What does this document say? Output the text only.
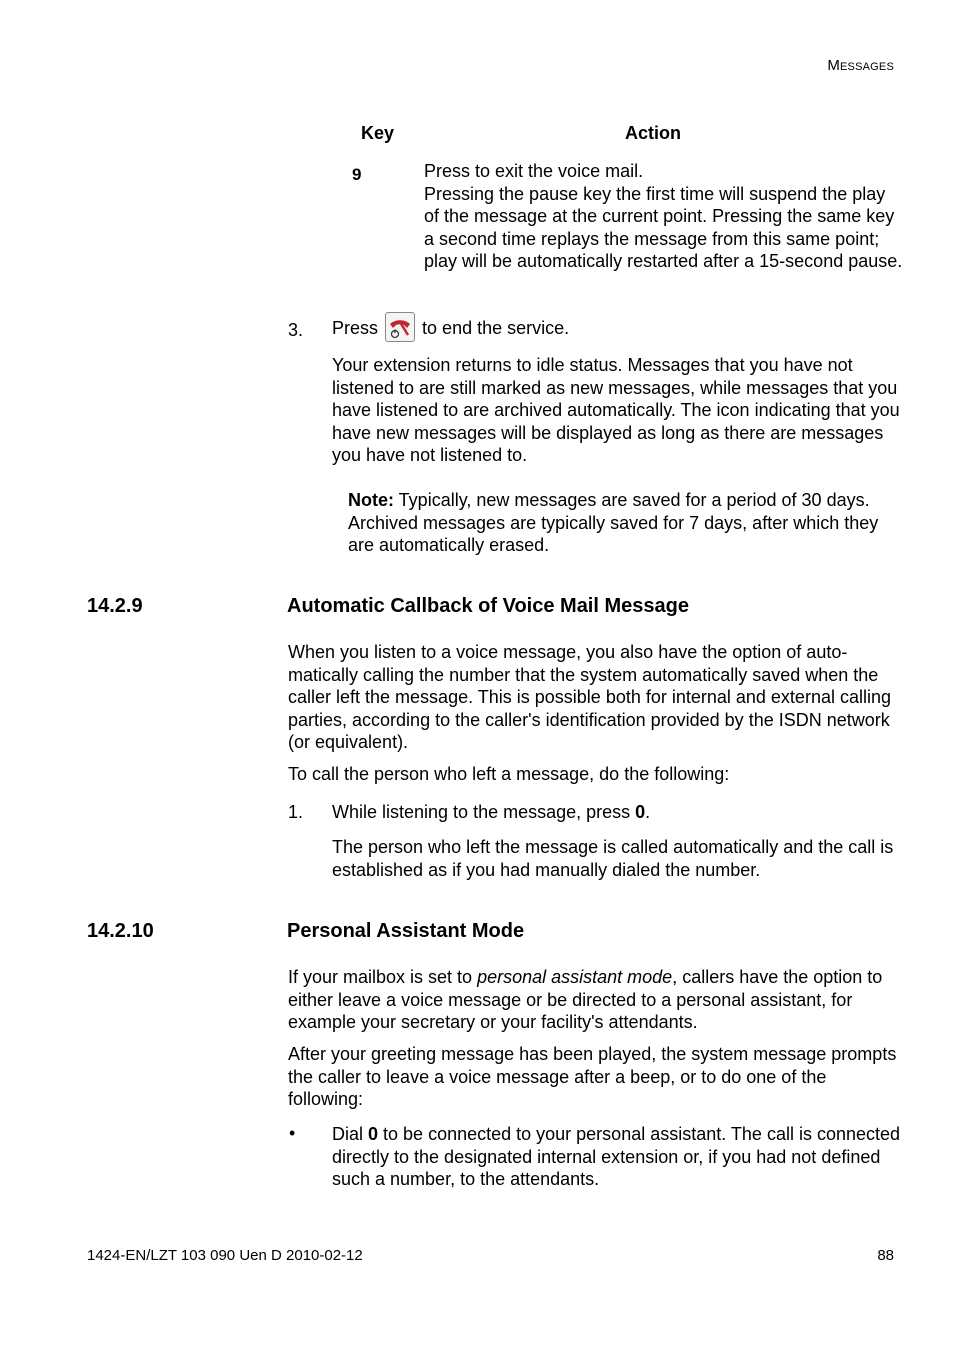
Messages
Key	Action
9	Press to exit the voice mail.

Pressing the pause key the first time will suspend the play of the message at the current point. Pressing the same key a second time replays the message from this same point; play will be automatically restarted after a 15-second pause.

3. Press to end the service.
Your extension returns to idle status. Messages that you have not listened to are still marked as new messages, while messages that you have listened to are archived automatically. The icon indicating that you have new messages will be displayed as long as there are messages you have not listened to.
Note: Typically, new messages are saved for a period of 30 days. Archived messages are typically saved for 7 days, after which they are automatically erased.
14.2.9	Automatic Callback of Voice Mail Message
When you listen to a voice message, you also have the option of auto-matically calling the number that the system automatically saved when the caller left the message. This is possible both for internal and external calling parties, according to the caller's identification provided by the ISDN network (or equivalent).
To call the person who left a message, do the following:
1. While listening to the message, press 0.
The person who left the message is called automatically and the call is established as if you had manually dialed the number.
14.2.10	Personal Assistant Mode
If your mailbox is set to personal assistant mode, callers have the option to either leave a voice message or be directed to a personal assistant, for example your secretary or your facility's attendants.
After your greeting message has been played, the system message prompts the caller to leave a voice message after a beep, or to do one of the following:
• Dial 0 to be connected to your personal assistant. The call is connected directly to the designated internal extension or, if you had not defined such a number, to the attendants.
1424-EN/LZT 103 090 Uen D 2010-02-12	88
